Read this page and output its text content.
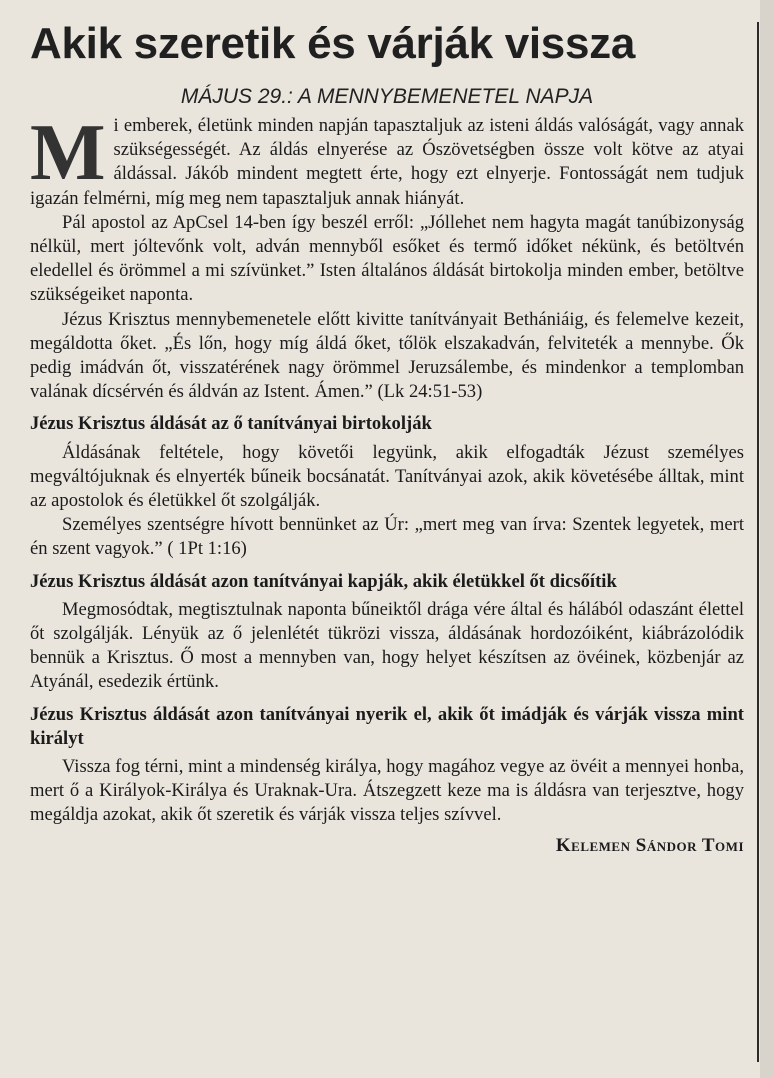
Akik szeretik és várják vissza
MÁJUS 29.: A MENNYBEMENETEL NAPJA

Mi emberek, életünk minden napján tapasztaljuk az isteni áldás valóságát, vagy annak szükségességét. Az áldás elnyerése az Ószövetségben össze volt kötve az atyai áldással. Jákób mindent megtett érte, hogy ezt elnyerje. Fontosságát nem tudjuk igazán felmérni, míg meg nem tapasztaljuk annak hiányát.

Pál apostol az ApCsel 14-ben így beszél erről: „Jóllehet nem hagyta magát tanúbizonyság nélkül, mert jóltevőnk volt, adván mennyből esőket és termő időket nékünk, és betöltvén eledellel és örömmel a mi szívünket.” Isten általános áldását birtokolja minden ember, betöltve szükségeiket naponta.

Jézus Krisztus mennybemenetele előtt kivitte tanítványait Bethániáig, és felemelve kezeit, megáldotta őket. „És lőn, hogy míg áldá őket, tőlök elszakadván, felviteték a mennybe. Ők pedig imádván őt, visszatérének nagy örömmel Jeruzsálembe, és mindenkor a templomban valának dícsérvén és áldván az Istent. Ámen.” (Lk 24:51-53)

Jézus Krisztus áldását az ő tanítványai birtokolják

Áldásának feltétele, hogy követői legyünk, akik elfogadták Jézust személyes megváltójuknak és elnyerték bűneik bocsánatát. Tanítványai azok, akik követésébe álltak, mint az apostolok és életükkel őt szolgálják.

Személyes szentségre hívott bennünket az Úr: „mert meg van írva: Szentek legyetek, mert én szent vagyok.” ( 1Pt 1:16)

Jézus Krisztus áldását azon tanítványai kapják, akik életükkel őt dicsőítik

Megmosódtak, megtisztulnak naponta bűneiktől drága vére által és hálából odaszánt élettel őt szolgálják. Lényük az ő jelenlétét tükrözi vissza, áldásának hordozóiként, kiábrázolódik bennük a Krisztus. Ő most a mennyben van, hogy helyet készítsen az övéinek, közbenjár az Atyánál, esedezik értünk.

Jézus Krisztus áldását azon tanítványai nyerik el, akik őt imádják és várják vissza mint királyt

Vissza fog térni, mint a mindenség királya, hogy magához vegye az övéit a mennyei honba, mert ő a Királyok-Királya és Uraknak-Ura. Átszegzett keze ma is áldásra van terjesztve, hogy megáldja azokat, akik őt szeretik és várják vissza teljes szívvel.

Kelemen Sándor Tomi
